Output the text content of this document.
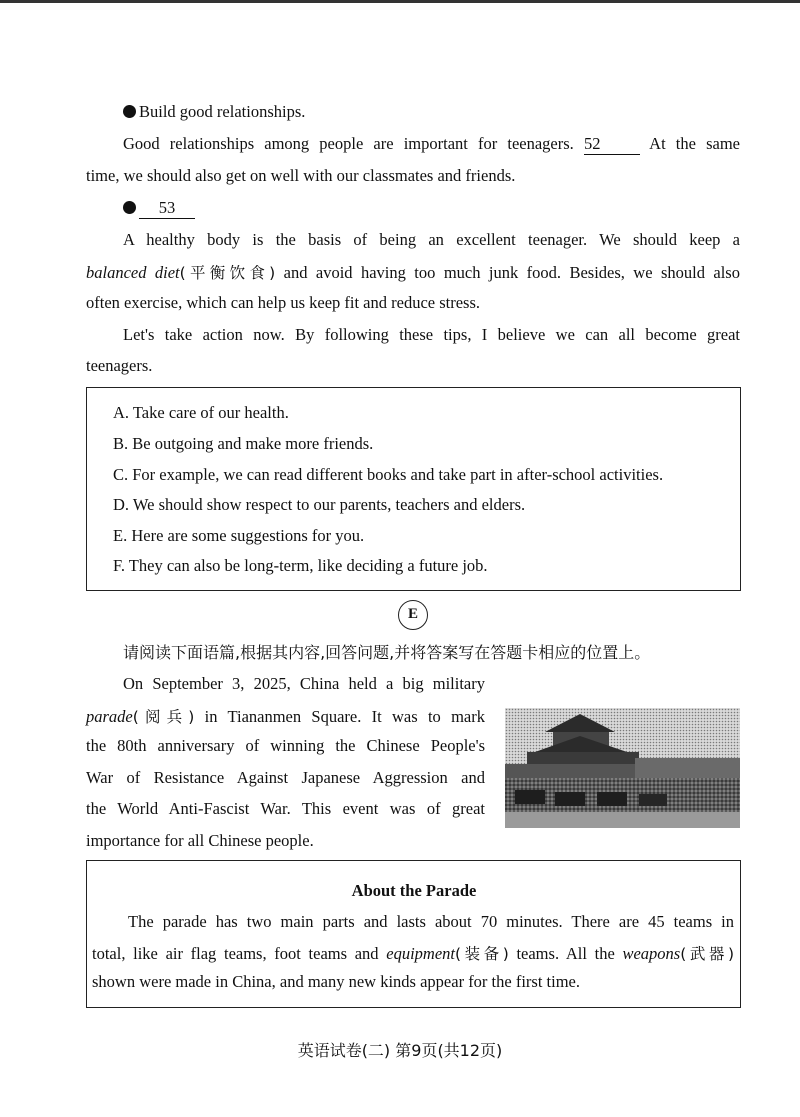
Build good relationships.
Good relationships among people are important for teenagers. 52	At the same
time, we should also get on well with our classmates and friends.
53
A healthy body is the basis of being an excellent teenager. We should keep a
balanced diet(平衡饮食) and avoid having too much junk food. Besides, we should also
often exercise, which can help us keep fit and reduce stress.
Let's take action now. By following these tips, I believe we can all become great
teenagers.
A. Take care of our health.
B. Be outgoing and make more friends.
C. For example, we can read different books and take part in after-school activities.
D. We should show respect to our parents, teachers and elders.
E. Here are some suggestions for you.
F. They can also be long-term, like deciding a future job.
E
请阅读下面语篇,根据其内容,回答问题,并将答案写在答题卡相应的位置上。
On September 3, 2025, China held a big military
parade(阅兵) in Tiananmen Square. It was to mark
the 80th anniversary of winning the Chinese People's
War of Resistance Against Japanese Aggression and
the World Anti-Fascist War. This event was of great
importance for all Chinese people.
About the Parade
The parade has two main parts and lasts about 70 minutes. There are 45 teams in
total, like air flag teams, foot teams and equipment(装备) teams. All the weapons(武器)
shown were made in China, and many new kinds appear for the first time.
英语试卷(二) 第9页(共12页)
